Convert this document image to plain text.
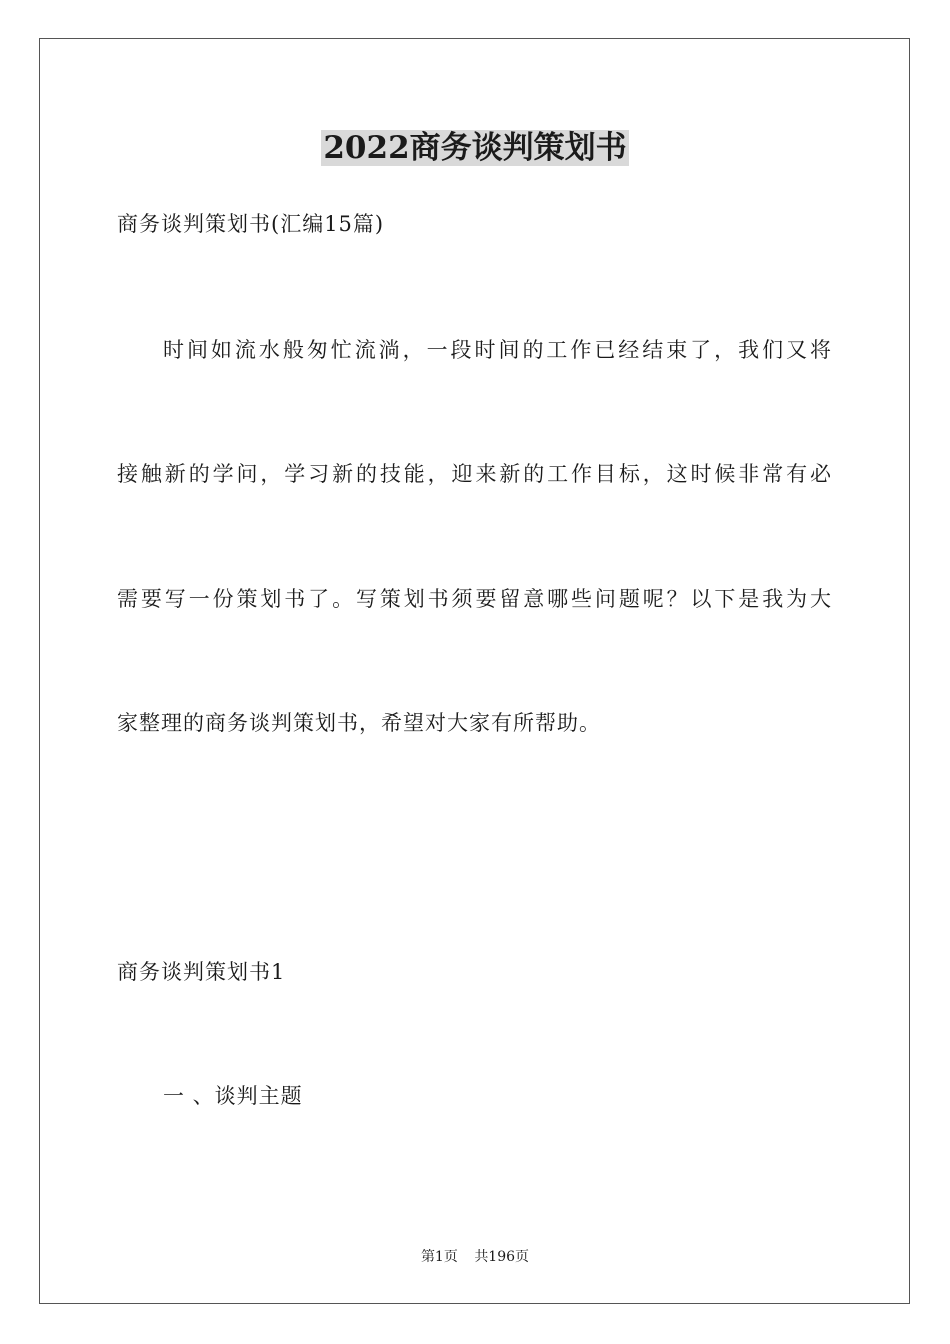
2022商务谈判策划书
商务谈判策划书(汇编15篇)
时间如流水般匆忙流淌，一段时间的工作已经结束了，我们又将
接触新的学问，学习新的技能，迎来新的工作目标，这时候非常有必
需要写一份策划书了。写策划书须要留意哪些问题呢？以下是我为大
家整理的商务谈判策划书，希望对大家有所帮助。
商务谈判策划书1
一 、谈判主题
第1页 共196页
